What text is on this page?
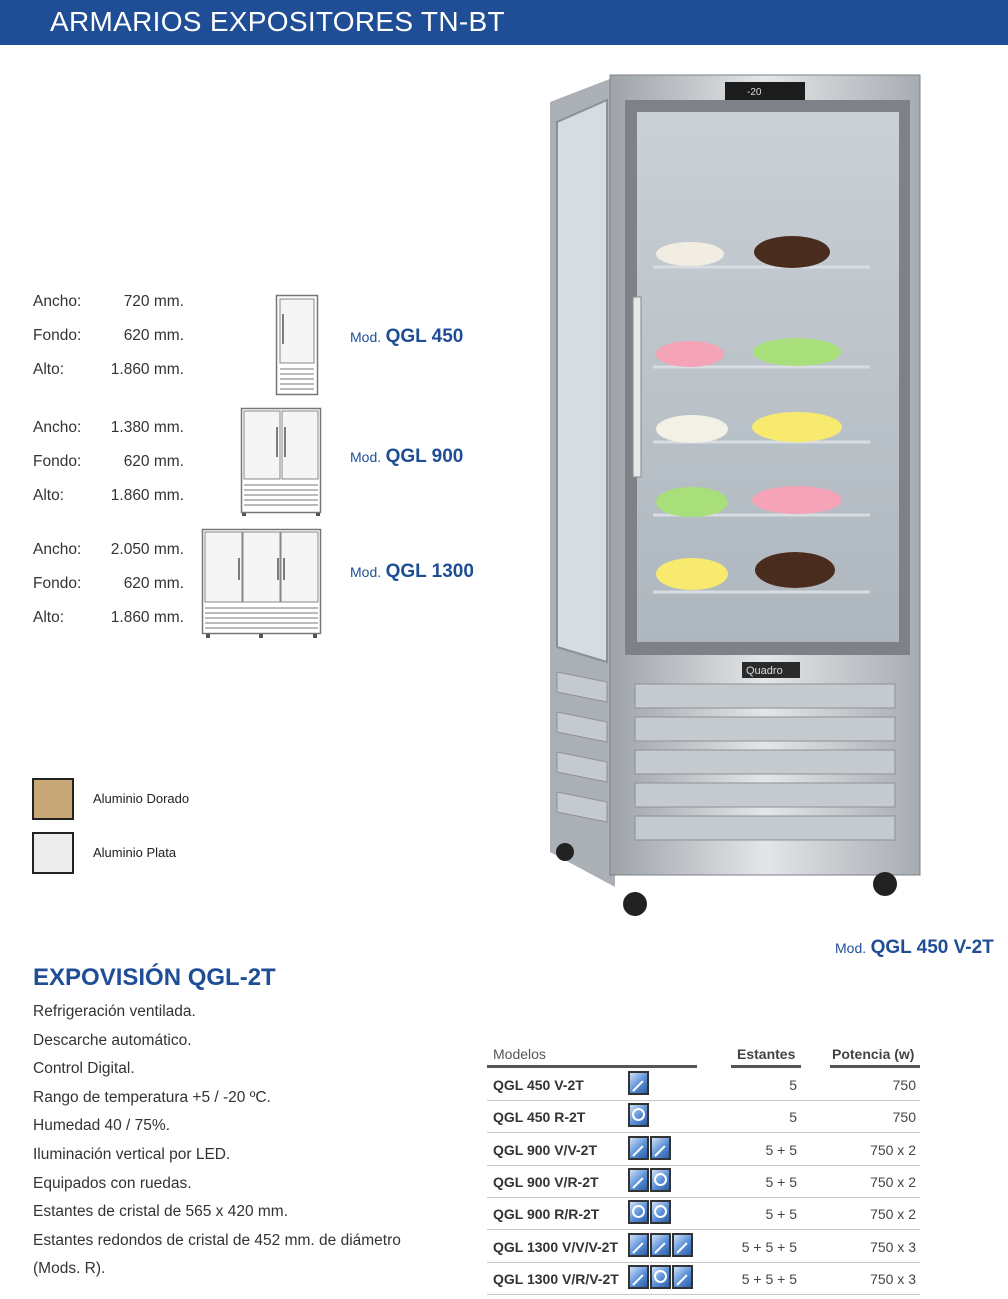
ARMARIOS EXPOSITORES TN-BT
Ancho:	720 mm.
Fondo:	620 mm.
Alto:	1.860 mm.
Ancho: 1.380 mm.
Fondo:	620 mm.
Alto:	1.860 mm.
Ancho: 2.050 mm.
Fondo:	620 mm.
Alto:	1.860 mm.
Mod. QGL 450
Mod. QGL 900
Mod. QGL 1300
Aluminio Dorado
Aluminio Plata
-20
Quadro
Mod. QGL 450 V-2T
EXPOVISIÓN QGL-2T
Refrigeración ventilada.
Descarche automático.
Control Digital.
Rango de temperatura +5 / -20 ºC.
Humedad 40 / 75%.
Iluminación vertical por LED.
Equipados con ruedas.
Estantes de cristal de 565 x 420 mm.
Estantes redondos de cristal de 452 mm. de diámetro
(Mods. R).
Modelos	Estantes	Potencia (w)
QGL 450 V-2T	5	750
QGL 450 R-2T	5	750
QGL 900 V/V-2T	5 + 5	750 x 2
QGL 900 V/R-2T	5 + 5	750 x 2
QGL 900 R/R-2T	5 + 5	750 x 2
QGL 1300 V/V/V-2T	5 + 5 + 5	750 x 3
QGL 1300 V/R/V-2T	5 + 5 + 5	750 x 3
